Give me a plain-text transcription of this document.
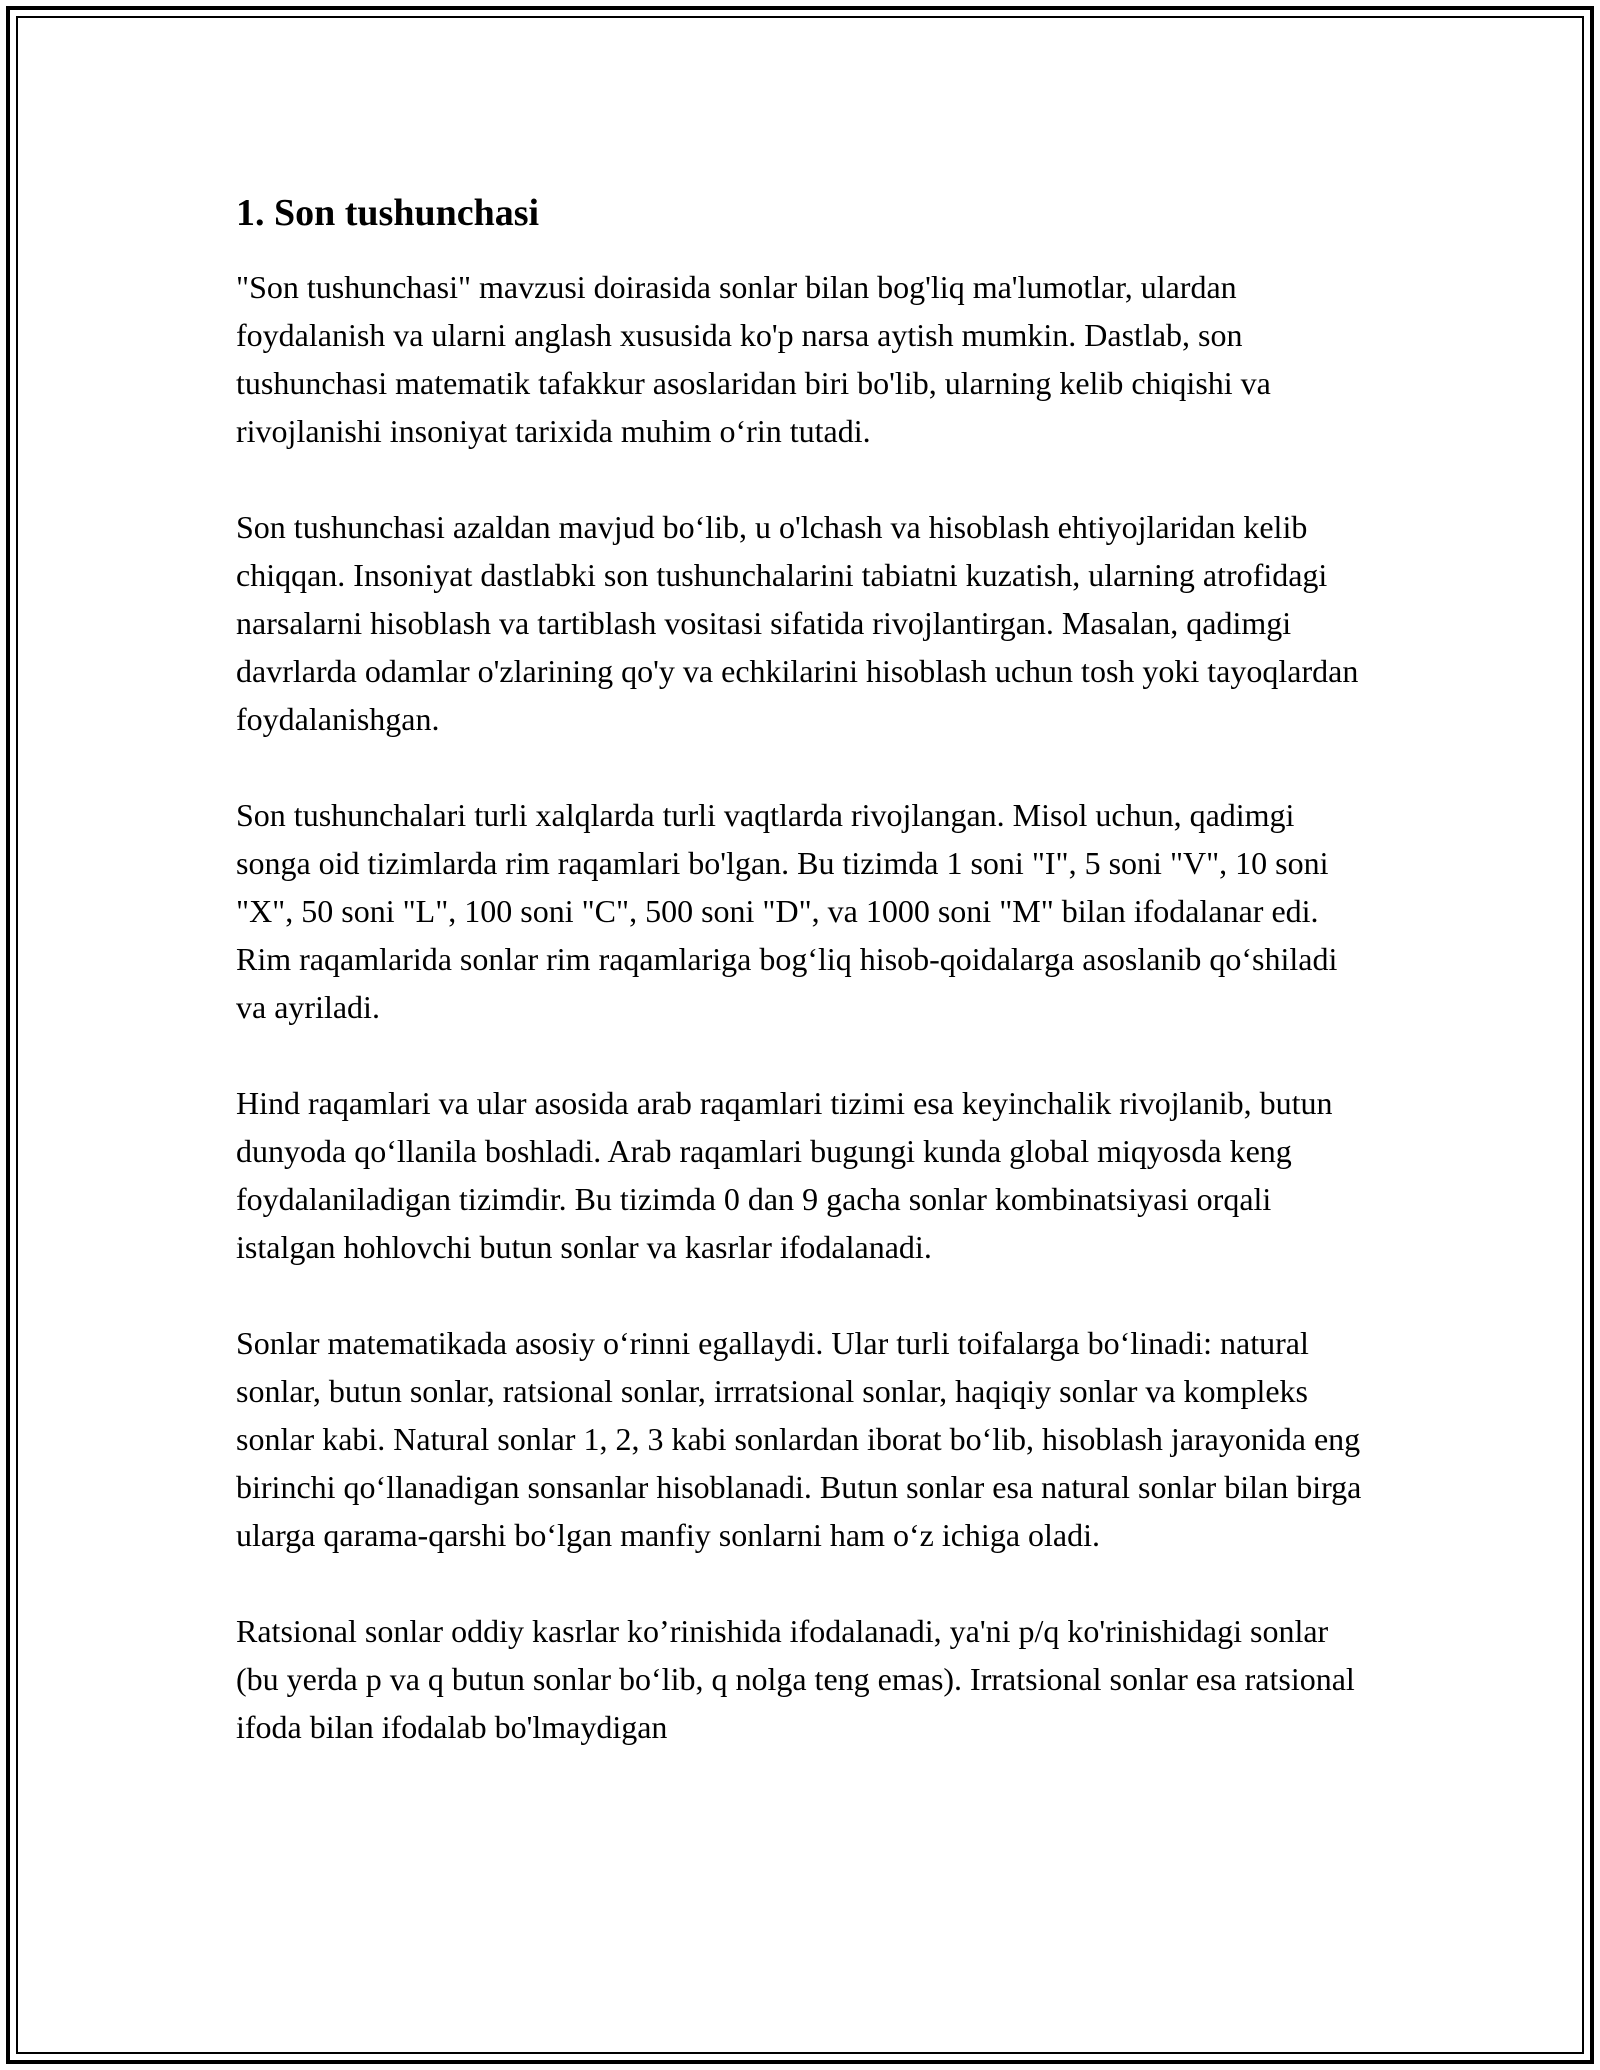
1. Son tushunchasi

"Son tushunchasi" mavzusi doirasida sonlar bilan bog'liq ma'lumotlar, ulardan foydalanish va ularni anglash xususida ko'p narsa aytish mumkin. Dastlab, son tushunchasi matematik tafakkur asoslaridan biri bo'lib, ularning kelib chiqishi va rivojlanishi insoniyat tarixida muhim oʻrin tutadi.

Son tushunchasi azaldan mavjud boʻlib, u o'lchash va hisoblash ehtiyojlaridan kelib chiqqan. Insoniyat dastlabki son tushunchalarini tabiatni kuzatish, ularning atrofidagi narsalarni hisoblash va tartiblash vositasi sifatida rivojlantirgan. Masalan, qadimgi davrlarda odamlar o'zlarining qo'y va echkilarini hisoblash uchun tosh yoki tayoqlardan foydalanishgan.

Son tushunchalari turli xalqlarda turli vaqtlarda rivojlangan. Misol uchun, qadimgi songa oid tizimlarda rim raqamlari bo'lgan. Bu tizimda 1 soni "I", 5 soni "V", 10 soni "X", 50 soni "L", 100 soni "C", 500 soni "D", va 1000 soni "M" bilan ifodalanar edi. Rim raqamlarida sonlar rim raqamlariga bogʻliq hisob-qoidalarga asoslanib qoʻshiladi va ayriladi.

Hind raqamlari va ular asosida arab raqamlari tizimi esa keyinchalik rivojlanib, butun dunyoda qoʻllanila boshladi. Arab raqamlari bugungi kunda global miqyosda keng foydalaniladigan tizimdir. Bu tizimda 0 dan 9 gacha sonlar kombinatsiyasi orqali istalgan hohlovchi butun sonlar va kasrlar ifodalanadi.

Sonlar matematikada asosiy oʻrinni egallaydi. Ular turli toifalarga boʻlinadi: natural sonlar, butun sonlar, ratsional sonlar, irrratsional sonlar, haqiqiy sonlar va kompleks sonlar kabi. Natural sonlar 1, 2, 3 kabi sonlardan iborat boʻlib, hisoblash jarayonida eng birinchi qoʻllanadigan sonsanlar hisoblanadi. Butun sonlar esa natural sonlar bilan birga ularga qarama-qarshi boʻlgan manfiy sonlarni ham oʻz ichiga oladi.

Ratsional sonlar oddiy kasrlar ko’rinishida ifodalanadi, ya'ni p/q ko'rinishidagi sonlar (bu yerda p va q butun sonlar boʻlib, q nolga teng emas). Irratsional sonlar esa ratsional ifoda bilan ifodalab bo'lmaydigan
